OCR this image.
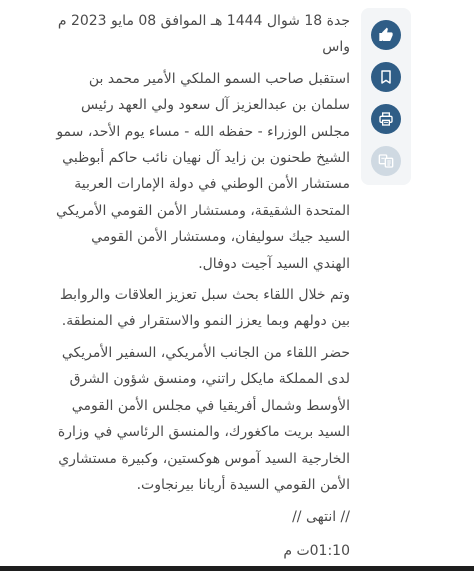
جدة 18 شوال 1444 هـ الموافق 08 مايو 2023 م

واس

استقبل صاحب السمو الملكي الأمير محمد بن
سلمان بن عبدالعزيز آل سعود ولي العهد رئيس
مجلس الوزراء - حفظه الله - مساء يوم الأحد، سمو
الشيخ طحنون بن زايد آل نهيان نائب حاكم أبوظبي
مستشار الأمن الوطني في دولة الإمارات العربية
المتحدة الشقيقة، ومستشار الأمن القومي الأمريكي
السيد جيك سوليفان، ومستشار الأمن القومي
الهندي السيد آجيت دوفال.

وتم خلال اللقاء بحث سبل تعزيز العلاقات والروابط
بين دولهم وبما يعزز النمو والاستقرار في المنطقة.

حضر اللقاء من الجانب الأمريكي، السفير الأمريكي
لدى المملكة مايكل راتني، ومنسق شؤون الشرق
الأوسط وشمال أفريقيا في مجلس الأمن القومي
السيد بريت ماكغورك، والمنسق الرئاسي في وزارة
الخارجية السيد آموس هوكستين، وكبيرة مستشاري
الأمن القومي السيدة أريانا بيرنجاوت.

// انتهى //

01:10ت م
